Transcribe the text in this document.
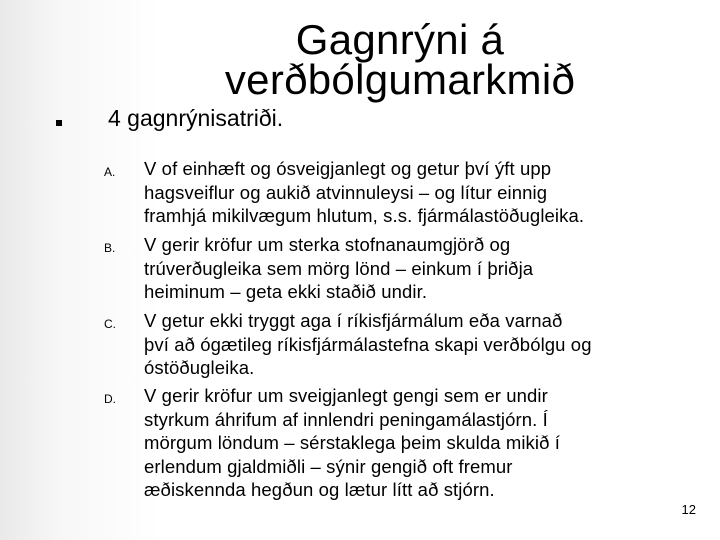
Gagnrýni á
verðbólgumarkmið
4 gagnrýnisatriði.
A. V of einhæft og ósveigjanlegt og getur því ýft upp
hagsveiflur og aukið atvinnuleysi – og lítur einnig
framhjá mikilvægum hlutum, s.s. fjármálastöðugleika.
B. V gerir kröfur um sterka stofnanaumgjörð og
trúverðugleika sem mörg lönd – einkum í þriðja
heiminum – geta ekki staðið undir.
C. V getur ekki tryggt aga í ríkisfjármálum eða varnað
því að ógætileg ríkisfjármálastefna skapi verðbólgu og
óstöðugleika.
D. V gerir kröfur um sveigjanlegt gengi sem er undir
styrkum áhrifum af innlendri peningamálastjórn. Í
mörgum löndum – sérstaklega þeim skulda mikið í
erlendum gjaldmiðli – sýnir gengið oft fremur
æðiskennda hegðun og lætur lítt að stjórn.
12
